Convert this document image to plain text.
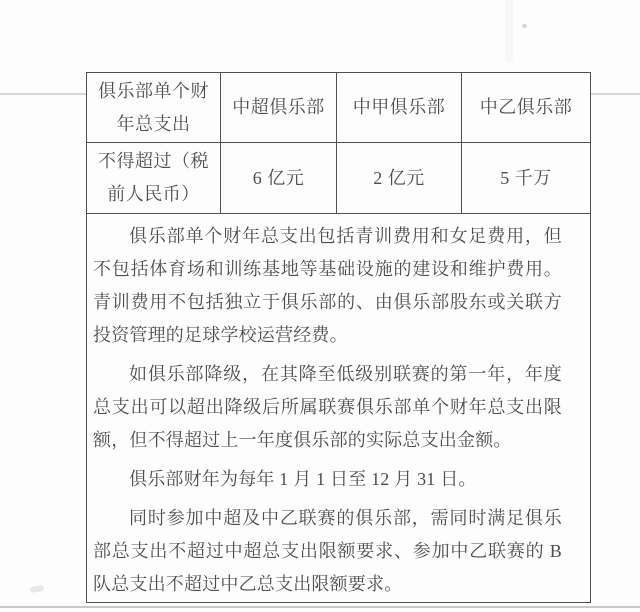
俱乐部单个财
年总支出
中超俱乐部 中甲俱乐部 中乙俱乐部
不得超过（税
前人民币）
6 亿元	2 亿元	5 千万

俱乐部单个财年总支出包括青训费用和女足费用，但不包括体育场和训练基地等基础设施的建设和维护费用。青训费用不包括独立于俱乐部的、由俱乐部股东或关联方投资管理的足球学校运营经费。

如俱乐部降级，在其降至低级别联赛的第一年，年度总支出可以超出降级后所属联赛俱乐部单个财年总支出限额，但不得超过上一年度俱乐部的实际总支出金额。

俱乐部财年为每年 1 月 1 日至 12 月 31 日。

同时参加中超及中乙联赛的俱乐部，需同时满足俱乐部总支出不超过中超总支出限额要求、参加中乙联赛的 B 队总支出不超过中乙总支出限额要求。
